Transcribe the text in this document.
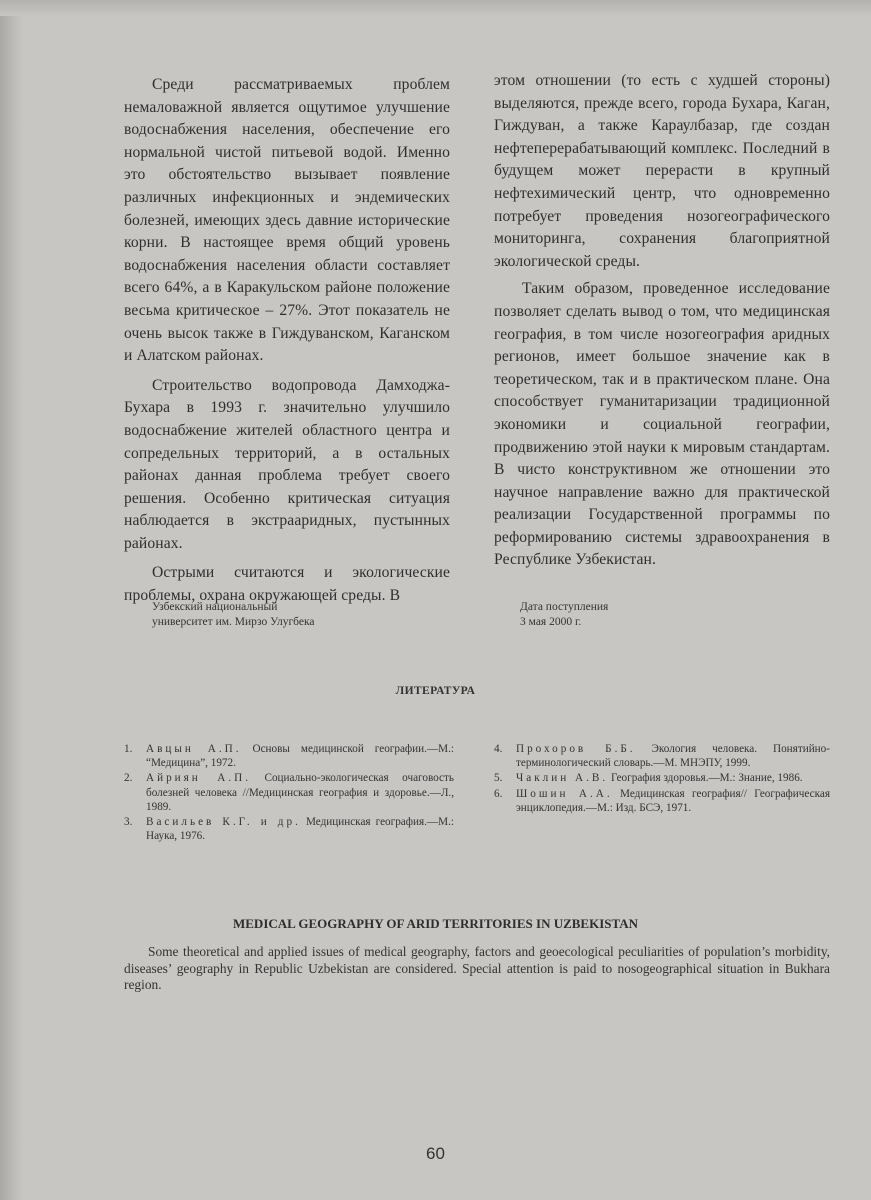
Среди рассматриваемых проблем немаловажной является ощутимое улучшение водоснабжения населения, обеспечение его нормальной чистой питьевой водой. Именно это обстоятельство вызывает появление различных инфекционных и эндемических болезней, имеющих здесь давние исторические корни. В настоящее время общий уровень водоснабжения населения области составляет всего 64%, а в Каракульском районе положение весьма критическое – 27%. Этот показатель не очень высок также в Гиждуванском, Каганском и Алатском районах.

Строительство водопровода Дамходжа-Бухара в 1993 г. значительно улучшило водоснабжение жителей областного центра и сопредельных территорий, а в остальных районах данная проблема требует своего решения. Особенно критическая ситуация наблюдается в экстрааридных, пустынных районах.

Острыми считаются и экологические проблемы, охрана окружающей среды. В

этом отношении (то есть с худшей стороны) выделяются, прежде всего, города Бухара, Каган, Гиждуван, а также Караулбазар, где создан нефтеперерабатывающий комплекс. Последний в будущем может перерасти в крупный нефтехимический центр, что одновременно потребует проведения нозогеографического мониторинга, сохранения благоприятной экологической среды.

Таким образом, проведенное исследование позволяет сделать вывод о том, что медицинская география, в том числе нозогеография аридных регионов, имеет большое значение как в теоретическом, так и в практическом плане. Она способствует гуманитаризации традиционной экономики и социальной географии, продвижению этой науки к мировым стандартам. В чисто конструктивном же отношении это научное направление важно для практической реализации Государственной программы по реформированию системы здравоохранения в Республике Узбекистан.

Узбекский национальный
университет им. Мирзо Улугбека
Дата поступления
3 мая 2000 г.
ЛИТЕРАТУРА
1. Авцын А.П. Основы медицинской географии.—М.: “Медицина”, 1972.
2. Айриян А.П. Социально-экологическая очаговость болезней человека //Медицинская география и здоровье.—Л., 1989.
3. Васильев К.Г. и др. Медицинская география.—М.: Наука, 1976.
4. Прохоров Б.Б. Экология человека. Понятийно-терминологический словарь.—М. МНЭПУ, 1999.
5. Чаклин А.В. География здоровья.—М.: Знание, 1986.
6. Шошин А.А. Медицинская география// Географическая энциклопедия.—М.: Изд. БСЭ, 1971.
MEDICAL GEOGRAPHY OF ARID TERRITORIES IN UZBEKISTAN
Some theoretical and applied issues of medical geography, factors and geoecological peculiarities of population’s morbidity, diseases’ geography in Republic Uzbekistan are considered. Special attention is paid to nosogeographical situation in Bukhara region.
60
